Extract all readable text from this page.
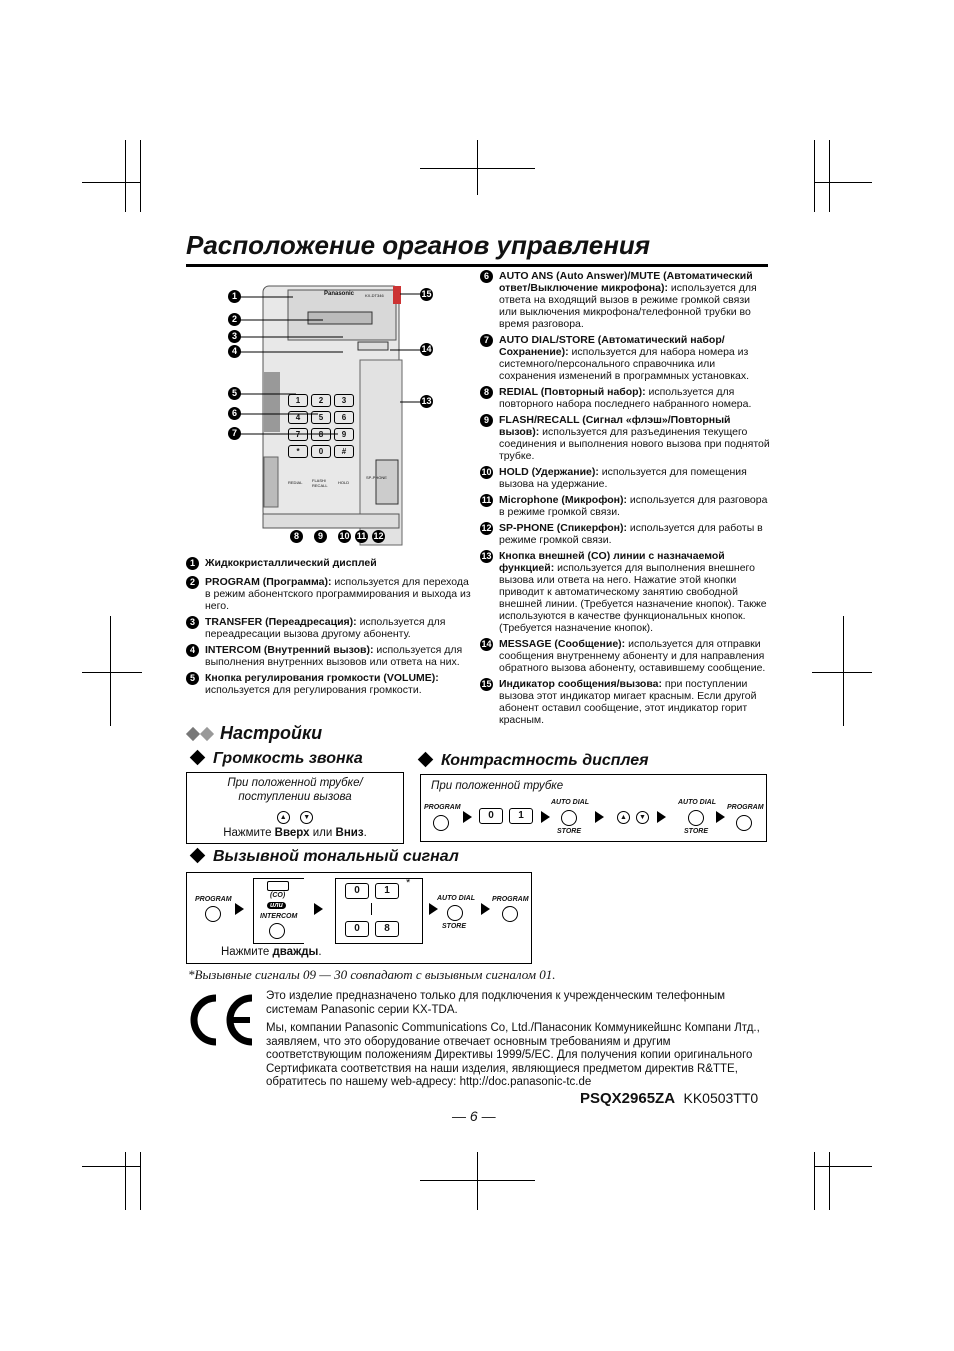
Расположение органов управления
Panasonic	KX-DT346
1	2	3
4	5	6
7	8	9
*	0	#
REDIAL FLASH/ RECALL
HOLD
SP-PHONE
1
2
3
4
5
6
7
15
14
13
8	9	10 11 12
1 Жидкокристаллический дисплей
2 PROGRAM (Программа): используется для перехода в режим абонентского программирования и выхода из него.
3 TRANSFER (Переадресация): используется для переадресации вызова другому абоненту.
4 INTERCOM (Внутренний вызов): используется для выполнения внутренних вызовов или ответа на них.
5 Кнопка регулирования громкости (VOLUME): используется для регулирования громкости.
6 AUTO ANS (Auto Answer)/MUTE (Автоматический ответ/Выключение микрофона): используется для ответа на входящий вызов в режиме громкой связи или выключения микрофона/телефонной трубки во время разговора.
7 AUTO DIAL/STORE (Автоматический набор/Сохранение): используется для набора номера из системного/персонального справочника или сохранения изменений в программных установках.
8 REDIAL (Повторный набор): используется для повторного набора последнего набранного номера.
9 FLASH/RECALL (Сигнал «флэш»/Повторный вызов): используется для разъединения текущего соединения и выполнения нового вызова при поднятой трубке.
10 HOLD (Удержание): используется для помещения вызова на удержание.
11 Microphone (Микрофон): используется для разговора в режиме громкой связи.
12 SP-PHONE (Спикерфон): используется для работы в режиме громкой связи.
13 Кнопка внешней (CO) линии с назначаемой функцией: используется для выполнения внешнего вызова или ответа на него. Нажатие этой кнопки приводит к автоматическому занятию свободной внешней линии. (Требуется назначение кнопок). Также используются в качестве функциональных кнопок. (Требуется назначение кнопок).
14 MESSAGE (Сообщение): используется для отправки сообщения внутреннему абоненту и для направления обратного вызова абоненту, оставившему сообщение.
15 Индикатор сообщения/вызова: при поступлении вызова этот индикатор мигает красным. Если другой абонент оставил сообщение, этот индикатор горит красным.
Настройки
Громкость звонка
При положенной трубке/ поступлении вызова
▲ ▼
Нажмите Вверх или Вниз.
Контрастность дисплея
При положенной трубке
PROGRAM
0	1
AUTO DIAL
STORE
▲	▼
AUTO DIAL
STORE
PROGRAM
Вызывной тональный сигнал
PROGRAM
(CO)
или
INTERCOM
0	1
*
0	8
AUTO DIAL
STORE
PROGRAM
Нажмите дважды.
*Вызывные сигналы 09 — 30 совпадают с вызывным сигналом 01.
Это изделие предназначено только для подключения к учрежденческим телефонным системам Panasonic серии KX-TDA.
Мы, компании Panasonic Communications Co, Ltd./Панасоник Коммуникейшнс Компани Лтд., заявляем, что это оборудование отвечает основным требованиям и другим соответствующим положениям Директивы 1999/5/ЕС. Для получения копии оригинального Сертификата соответствия на наши изделия, являющиеся предметом директив R&TTE, обратитесь по нашему web-адресу: http://doc.panasonic-tc.de
PSQX2965ZA KK0503TT0
— 6 —
